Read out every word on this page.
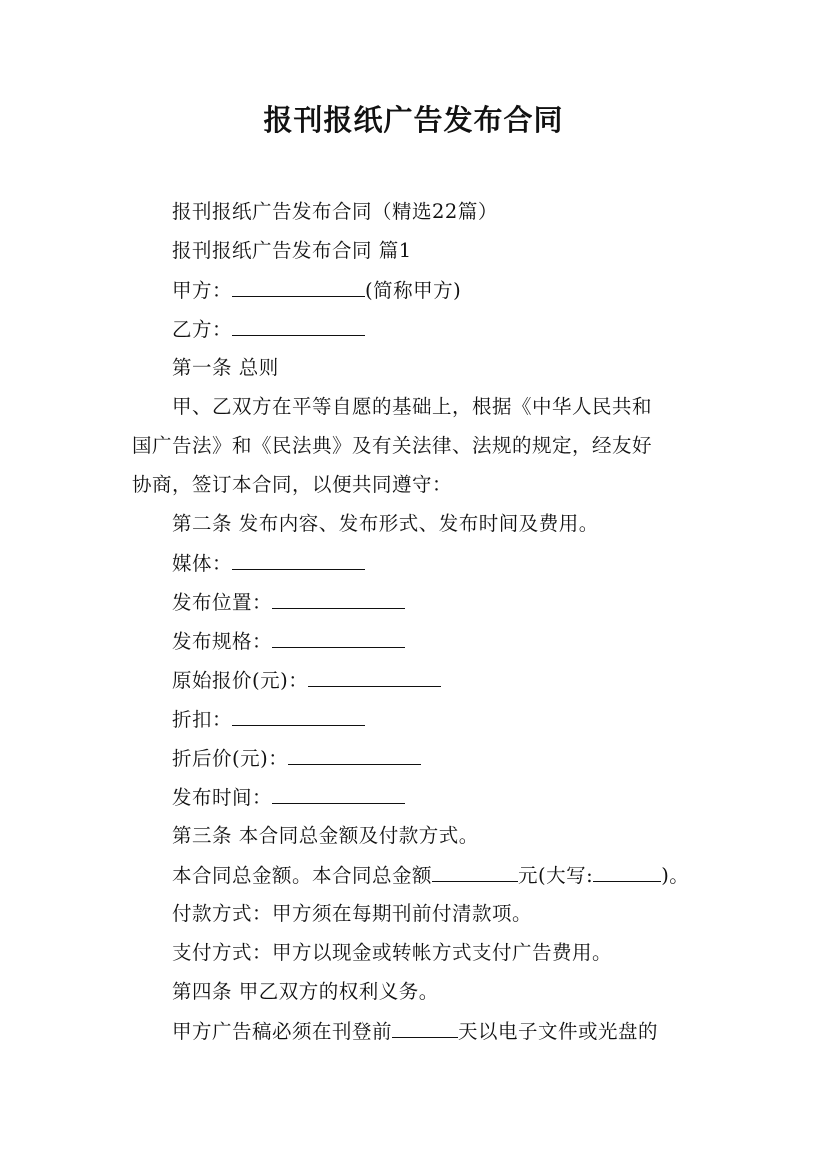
报刊报纸广告发布合同
报刊报纸广告发布合同（精选22篇）
报刊报纸广告发布合同 篇1
甲方：	(简称甲方)
乙方：
第一条 总则
甲、乙双方在平等自愿的基础上，根据《中华人民共和
国广告法》和《民法典》及有关法律、法规的规定，经友好
协商，签订本合同，以便共同遵守：
第二条 发布内容、发布形式、发布时间及费用。
媒体：
发布位置：
发布规格：
原始报价(元)：
折扣：
折后价(元)：
发布时间：
第三条 本合同总金额及付款方式。
本合同总金额。本合同总金额	元(大写:	)。
付款方式：甲方须在每期刊前付清款项。
支付方式：甲方以现金或转帐方式支付广告费用。
第四条 甲乙双方的权利义务。
甲方广告稿必须在刊登前	天以电子文件或光盘的
